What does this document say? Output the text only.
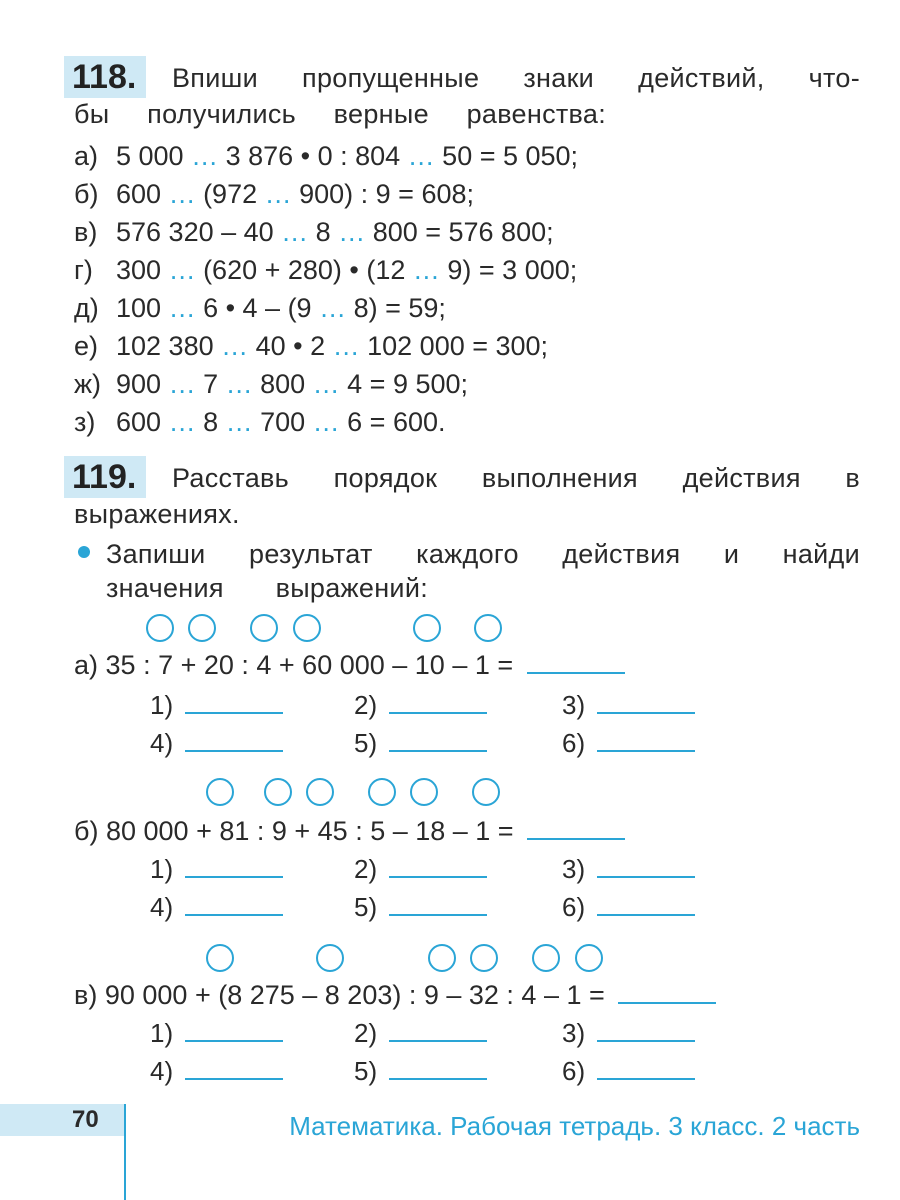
118.	Впиши пропущенные знаки действий, что-
бы получились верные равенства:
а) 5 000 … 3 876 • 0 : 804 … 50 = 5 050;
б) 600 … (972 … 900) : 9 = 608;
в) 576 320 – 40 … 8 … 800 = 576 800;
г) 300 … (620 + 280) • (12 … 9) = 3 000;
д) 100 … 6 • 4 – (9 … 8) = 59;
е) 102 380 … 40 • 2 … 102 000 = 300;
ж) 900 … 7 … 800 … 4 = 9 500;
з) 600 … 8 … 700 … 6 = 600.
119.	Расставь порядок выполнения действия в
выражениях.
Запиши результат каждого действия и найди
значения выражений:
а) 35 : 7 + 20 : 4 + 60 000 – 10 – 1 =
1)	2)	3)
4)	5)	6)
б) 80 000 + 81 : 9 + 45 : 5 – 18 – 1 =
1)	2)	3)
4)	5)	6)
в) 90 000 + (8 275 – 8 203) : 9 – 32 : 4 – 1 =
1)	2)	3)
4)	5)	6)
70	Математика. Рабочая тетрадь. 3 класс. 2 часть
